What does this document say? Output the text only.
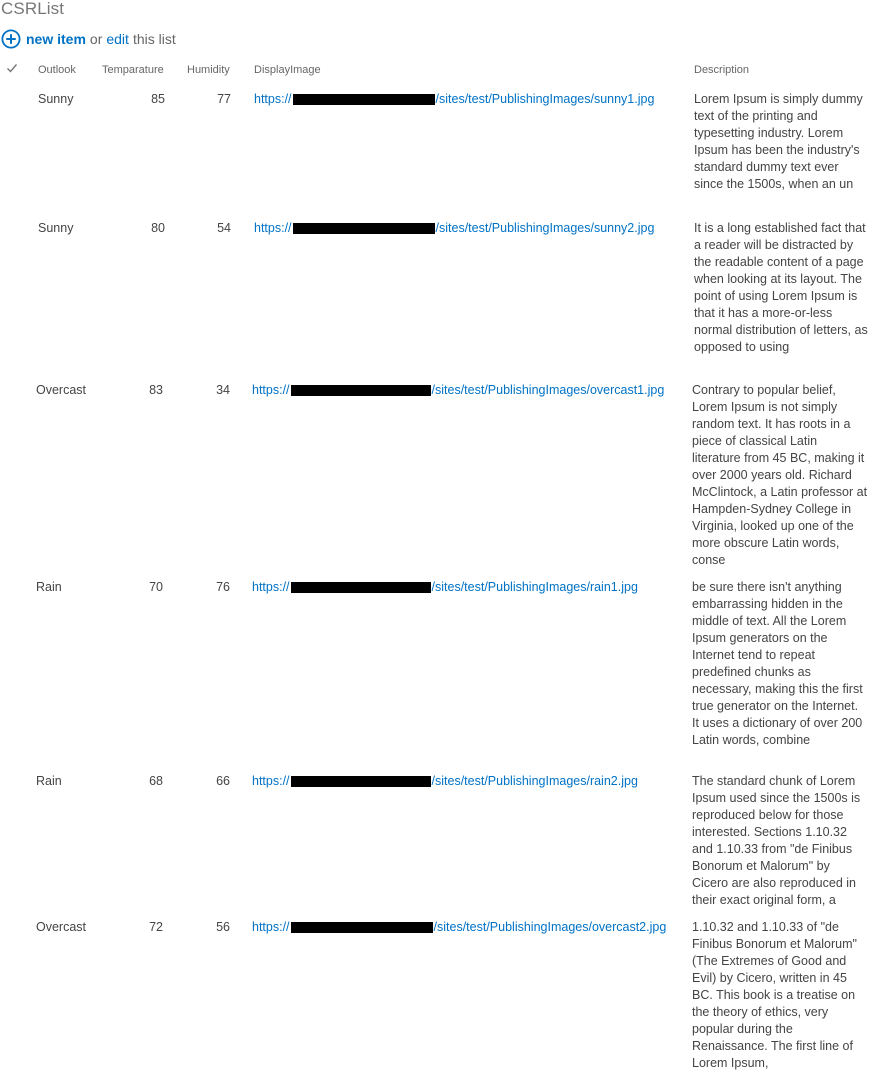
CSRList
new item or edit this list
Outlook Temparature Humidity DisplayImage	Description
Sunny	85	77 https://	/sites/test/PublishingImages/sunny1.jpg	Lorem Ipsum is simply dummy text of the printing and typesetting industry. Lorem Ipsum has been the industry's standard dummy text ever since the 1500s, when an un
Sunny	80	54 https://	/sites/test/PublishingImages/sunny2.jpg	It is a long established fact that a reader will be distracted by the readable content of a page when looking at its layout. The point of using Lorem Ipsum is that it has a more-or-less normal distribution of letters, as opposed to using
Overcast	83	34 https://	/sites/test/PublishingImages/overcast1.jpg Contrary to popular belief, Lorem Ipsum is not simply random text. It has roots in a piece of classical Latin literature from 45 BC, making it over 2000 years old. Richard McClintock, a Latin professor at Hampden-Sydney College in Virginia, looked up one of the more obscure Latin words, conse
Rain	70	76 https://	/sites/test/PublishingImages/rain1.jpg	be sure there isn't anything embarrassing hidden in the middle of text. All the Lorem Ipsum generators on the Internet tend to repeat predefined chunks as necessary, making this the first true generator on the Internet. It uses a dictionary of over 200 Latin words, combine
Rain	68	66 https://	/sites/test/PublishingImages/rain2.jpg	The standard chunk of Lorem Ipsum used since the 1500s is reproduced below for those interested. Sections 1.10.32 and 1.10.33 from "de Finibus Bonorum et Malorum" by Cicero are also reproduced in their exact original form, a
Overcast	72	56 https://	/sites/test/PublishingImages/overcast2.jpg 1.10.32 and 1.10.33 of "de Finibus Bonorum et Malorum" (The Extremes of Good and Evil) by Cicero, written in 45 BC. This book is a treatise on the theory of ethics, very popular during the Renaissance. The first line of Lorem Ipsum,
